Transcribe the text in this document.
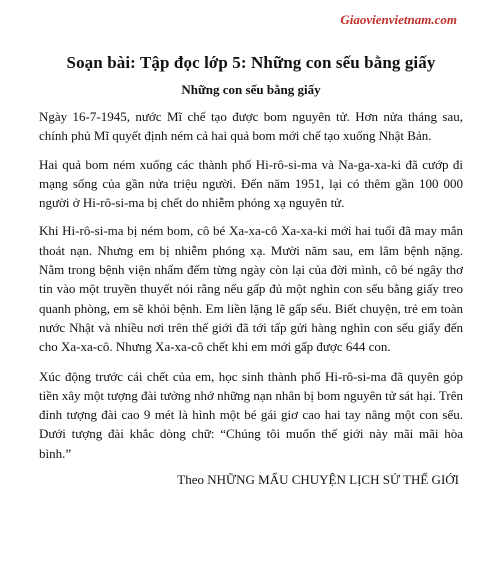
Giaovienvietnam.com
Soạn bài: Tập đọc lớp 5: Những con sếu bằng giấy
Những con sếu bằng giấy

Ngày 16-7-1945, nước Mĩ chế tạo được bom nguyên tử. Hơn nửa tháng sau, chính phủ Mĩ quyết định ném cả hai quả bom mới chế tạo xuống Nhật Bản.

Hai quả bom ném xuống các thành phố Hi-rô-si-ma và Na-ga-xa-ki đã cướp đi mạng sống của gần nửa triệu người. Đến năm 1951, lại có thêm gần 100 000 người ở Hi-rô-si-ma bị chết do nhiễm phóng xạ nguyên tử.

Khi Hi-rô-si-ma bị ném bom, cô bé Xa-xa-cô Xa-xa-ki mới hai tuổi đã may mắn thoát nạn. Nhưng em bị nhiễm phóng xạ. Mười năm sau, em lâm bệnh nặng. Nằm trong bệnh viện nhẩm đếm từng ngày còn lại của đời mình, cô bé ngây thơ tin vào một truyền thuyết nói rằng nếu gấp đủ một nghìn con sếu bằng giấy treo quanh phòng, em sẽ khỏi bệnh. Em liền lặng lẽ gấp sếu. Biết chuyện, trẻ em toàn nước Nhật và nhiều nơi trên thế giới đã tới tấp gửi hàng nghìn con sếu giấy đến cho Xa-xa-cô. Nhưng Xa-xa-cô chết khi em mới gấp được 644 con.

Xúc động trước cái chết của em, học sinh thành phố Hi-rô-si-ma đã quyên góp tiền xây một tượng đài tưởng nhớ những nạn nhân bị bom nguyên tử sát hại. Trên đỉnh tượng đài cao 9 mét là hình một bé gái giơ cao hai tay nâng một con sếu. Dưới tượng đài khắc dòng chữ: “Chúng tôi muốn thế giới này mãi mãi hòa bình.”

Theo NHỮNG MẨU CHUYỆN LỊCH SỬ THẾ GIỚI
